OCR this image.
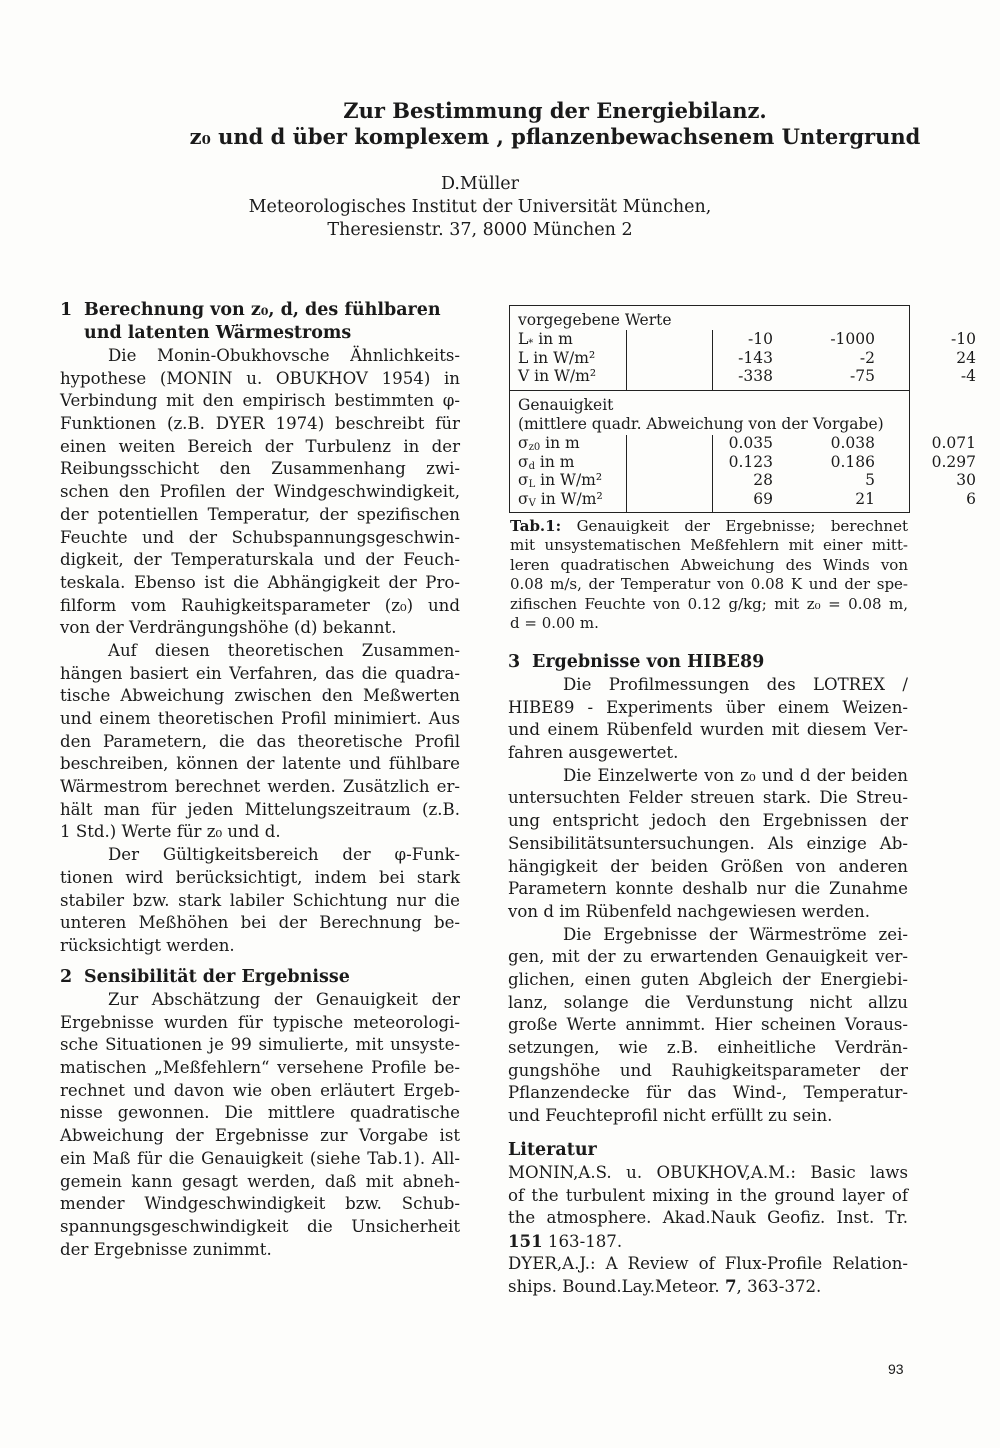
Zur Bestimmung der Energiebilanz.
z₀ und d über komplexem , pflanzenbewachsenem Untergrund
D.Müller
Meteorologisches Institut der Universität München,
Theresienstr. 37, 8000 München 2
1 Berechnung von z₀, d, des fühlbaren
und latenten Wärmestroms
Die Monin-Obukhovsche Ähnlichkeits-
hypothese (MONIN u. OBUKHOV 1954) in
Verbindung mit den empirisch bestimmten φ-
Funktionen (z.B. DYER 1974) beschreibt für
einen weiten Bereich der Turbulenz in der
Reibungsschicht den Zusammenhang zwi-
schen den Profilen der Windgeschwindigkeit,
der potentiellen Temperatur, der spezifischen
Feuchte und der Schubspannungsgeschwin-
digkeit, der Temperaturskala und der Feuch-
teskala. Ebenso ist die Abhängigkeit der Pro-
filform vom Rauhigkeitsparameter (z₀) und
von der Verdrängungshöhe (d) bekannt.
Auf diesen theoretischen Zusammen-
hängen basiert ein Verfahren, das die quadra-
tische Abweichung zwischen den Meßwerten
und einem theoretischen Profil minimiert. Aus
den Parametern, die das theoretische Profil
beschreiben, können der latente und fühlbare
Wärmestrom berechnet werden. Zusätzlich er-
hält man für jeden Mittelungszeitraum (z.B.
1 Std.) Werte für z₀ und d.
Der Gültigkeitsbereich der φ-Funk-
tionen wird berücksichtigt, indem bei stark
stabiler bzw. stark labiler Schichtung nur die
unteren Meßhöhen bei der Berechnung be-
rücksichtigt werden.
2 Sensibilität der Ergebnisse
Zur Abschätzung der Genauigkeit der
Ergebnisse wurden für typische meteorologi-
sche Situationen je 99 simulierte, mit unsyste-
matischen „Meßfehlern“ versehene Profile be-
rechnet und davon wie oben erläutert Ergeb-
nisse gewonnen. Die mittlere quadratische
Abweichung der Ergebnisse zur Vorgabe ist
ein Maß für die Genauigkeit (siehe Tab.1). All-
gemein kann gesagt werden, daß mit abneh-
mender Windgeschwindigkeit bzw. Schub-
spannungsgeschwindigkeit die Unsicherheit
der Ergebnisse zunimmt.
vorgegebene Werte
$L_*$ in m	-10	-1000	-10
L in W/m²	-143	-2	24
V in W/m²	-338	-75	-4
Genauigkeit
(mittlere quadr. Abweichung von der Vorgabe)
$\sigma_{z0}$ in m	0.035	0.038	0.071
$\sigma_d$ in m	0.123	0.186	0.297
$\sigma_L$ in W/m²	28	5	30
$\sigma_V$ in W/m²	69	21	6
Tab.1: Genauigkeit der Ergebnisse; berechnet
mit unsystematischen Meßfehlern mit einer mitt-
leren quadratischen Abweichung des Winds von
0.08 m/s, der Temperatur von 0.08 K und der spe-
zifischen Feuchte von 0.12 g/kg; mit z₀ = 0.08 m,
d = 0.00 m.
3 Ergebnisse von HIBE89
Die Profilmessungen des LOTREX /
HIBE89 - Experiments über einem Weizen-
und einem Rübenfeld wurden mit diesem Ver-
fahren ausgewertet.
Die Einzelwerte von z₀ und d der beiden
untersuchten Felder streuen stark. Die Streu-
ung entspricht jedoch den Ergebnissen der
Sensibilitätsuntersuchungen. Als einzige Ab-
hängigkeit der beiden Größen von anderen
Parametern konnte deshalb nur die Zunahme
von d im Rübenfeld nachgewiesen werden.
Die Ergebnisse der Wärmeströme zei-
gen, mit der zu erwartenden Genauigkeit ver-
glichen, einen guten Abgleich der Energiebi-
lanz, solange die Verdunstung nicht allzu
große Werte annimmt. Hier scheinen Voraus-
setzungen, wie z.B. einheitliche Verdrän-
gungshöhe und Rauhigkeitsparameter der
Pflanzendecke für das Wind-, Temperatur-
und Feuchteprofil nicht erfüllt zu sein.
Literatur
MONIN,A.S. u. OBUKHOV,A.M.: Basic laws
of the turbulent mixing in the ground layer of
the atmosphere. Akad.Nauk Geofiz. Inst. Tr.
151 163-187.
DYER,A.J.: A Review of Flux-Profile Relation-
ships. Bound.Lay.Meteor. 7, 363-372.
93
